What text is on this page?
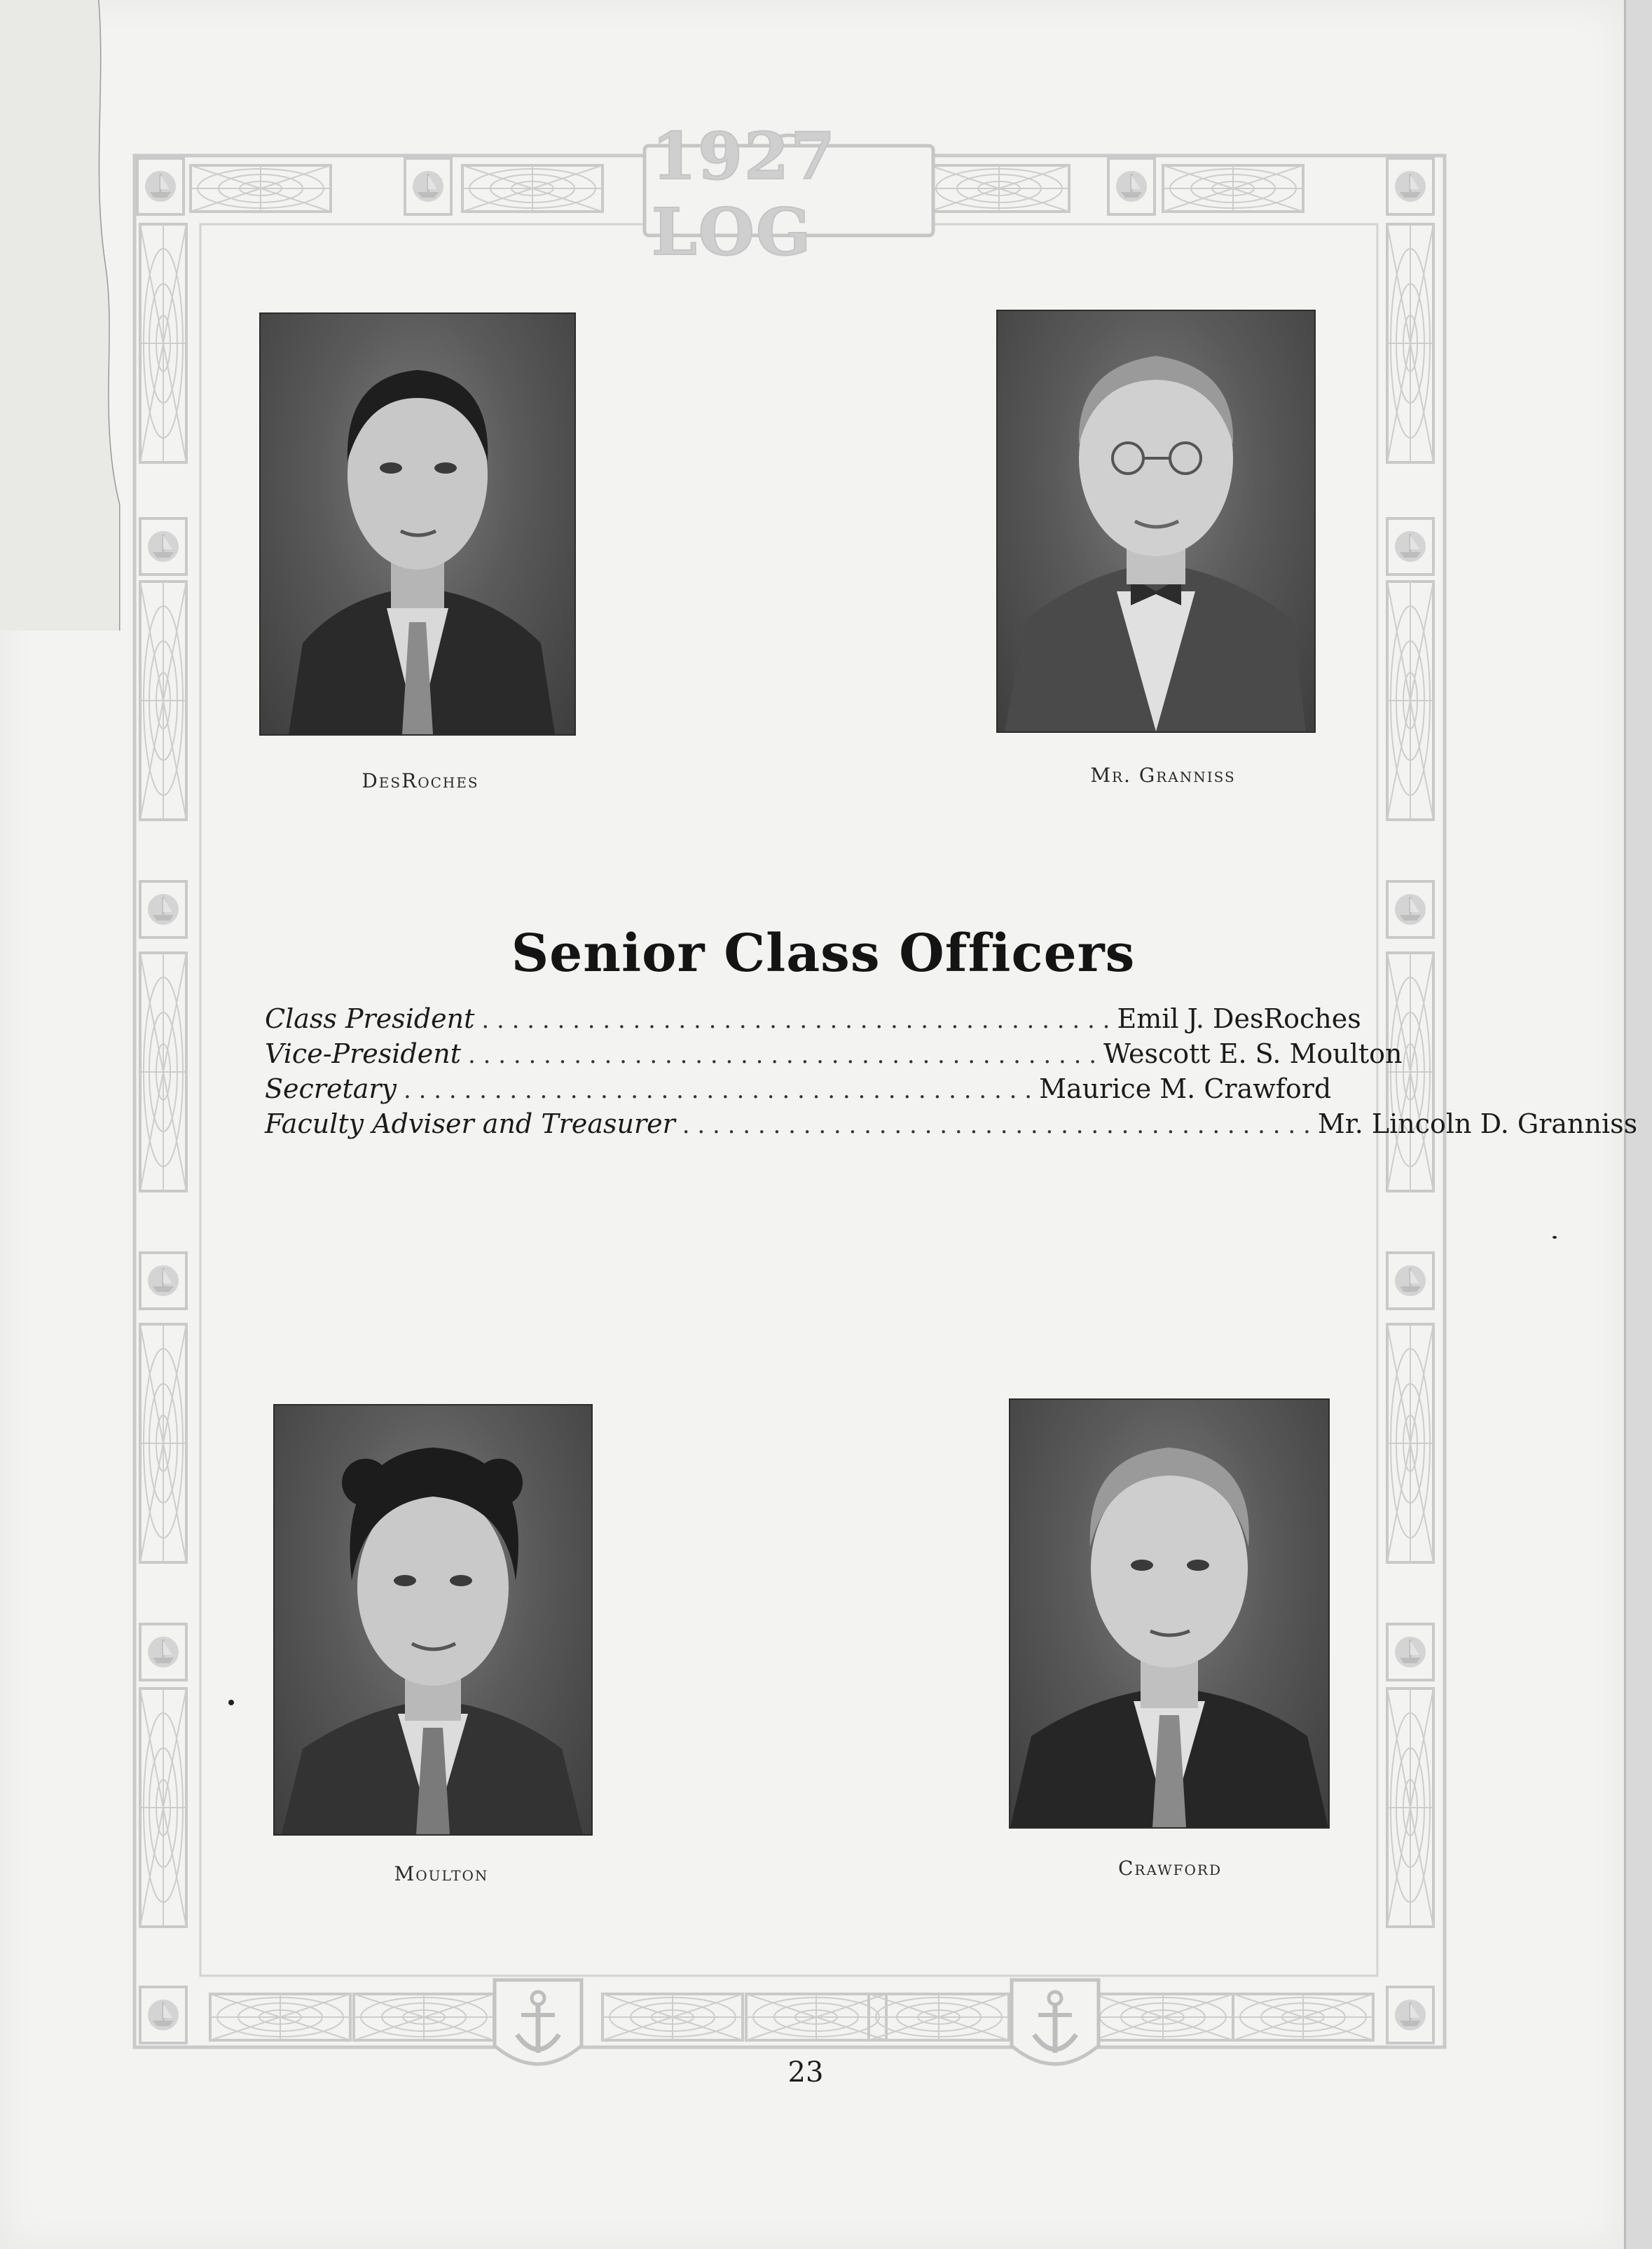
1927 LOG
DesRoches	Mr. Granniss
Senior Class Officers
Class President . . . . . . . . . . . . . . . . . . . . . . . . . . . . . . . . . . . . . . . . . . Emil J. DesRoches
Vice-President . . . . . . . . . . . . . . . . . . . . . . . . . . . . . . . . . . . . . . . . . . Wescott E. S. Moulton
Secretary . . . . . . . . . . . . . . . . . . . . . . . . . . . . . . . . . . . . . . . . . . Maurice M. Crawford
Faculty Adviser and Treasurer . . . . . . . . . . . . . . . . . . . . . . . . . . . . . . . . . . . . . . . . . . Mr. Lincoln D. Granniss
Moulton	Crawford
23
